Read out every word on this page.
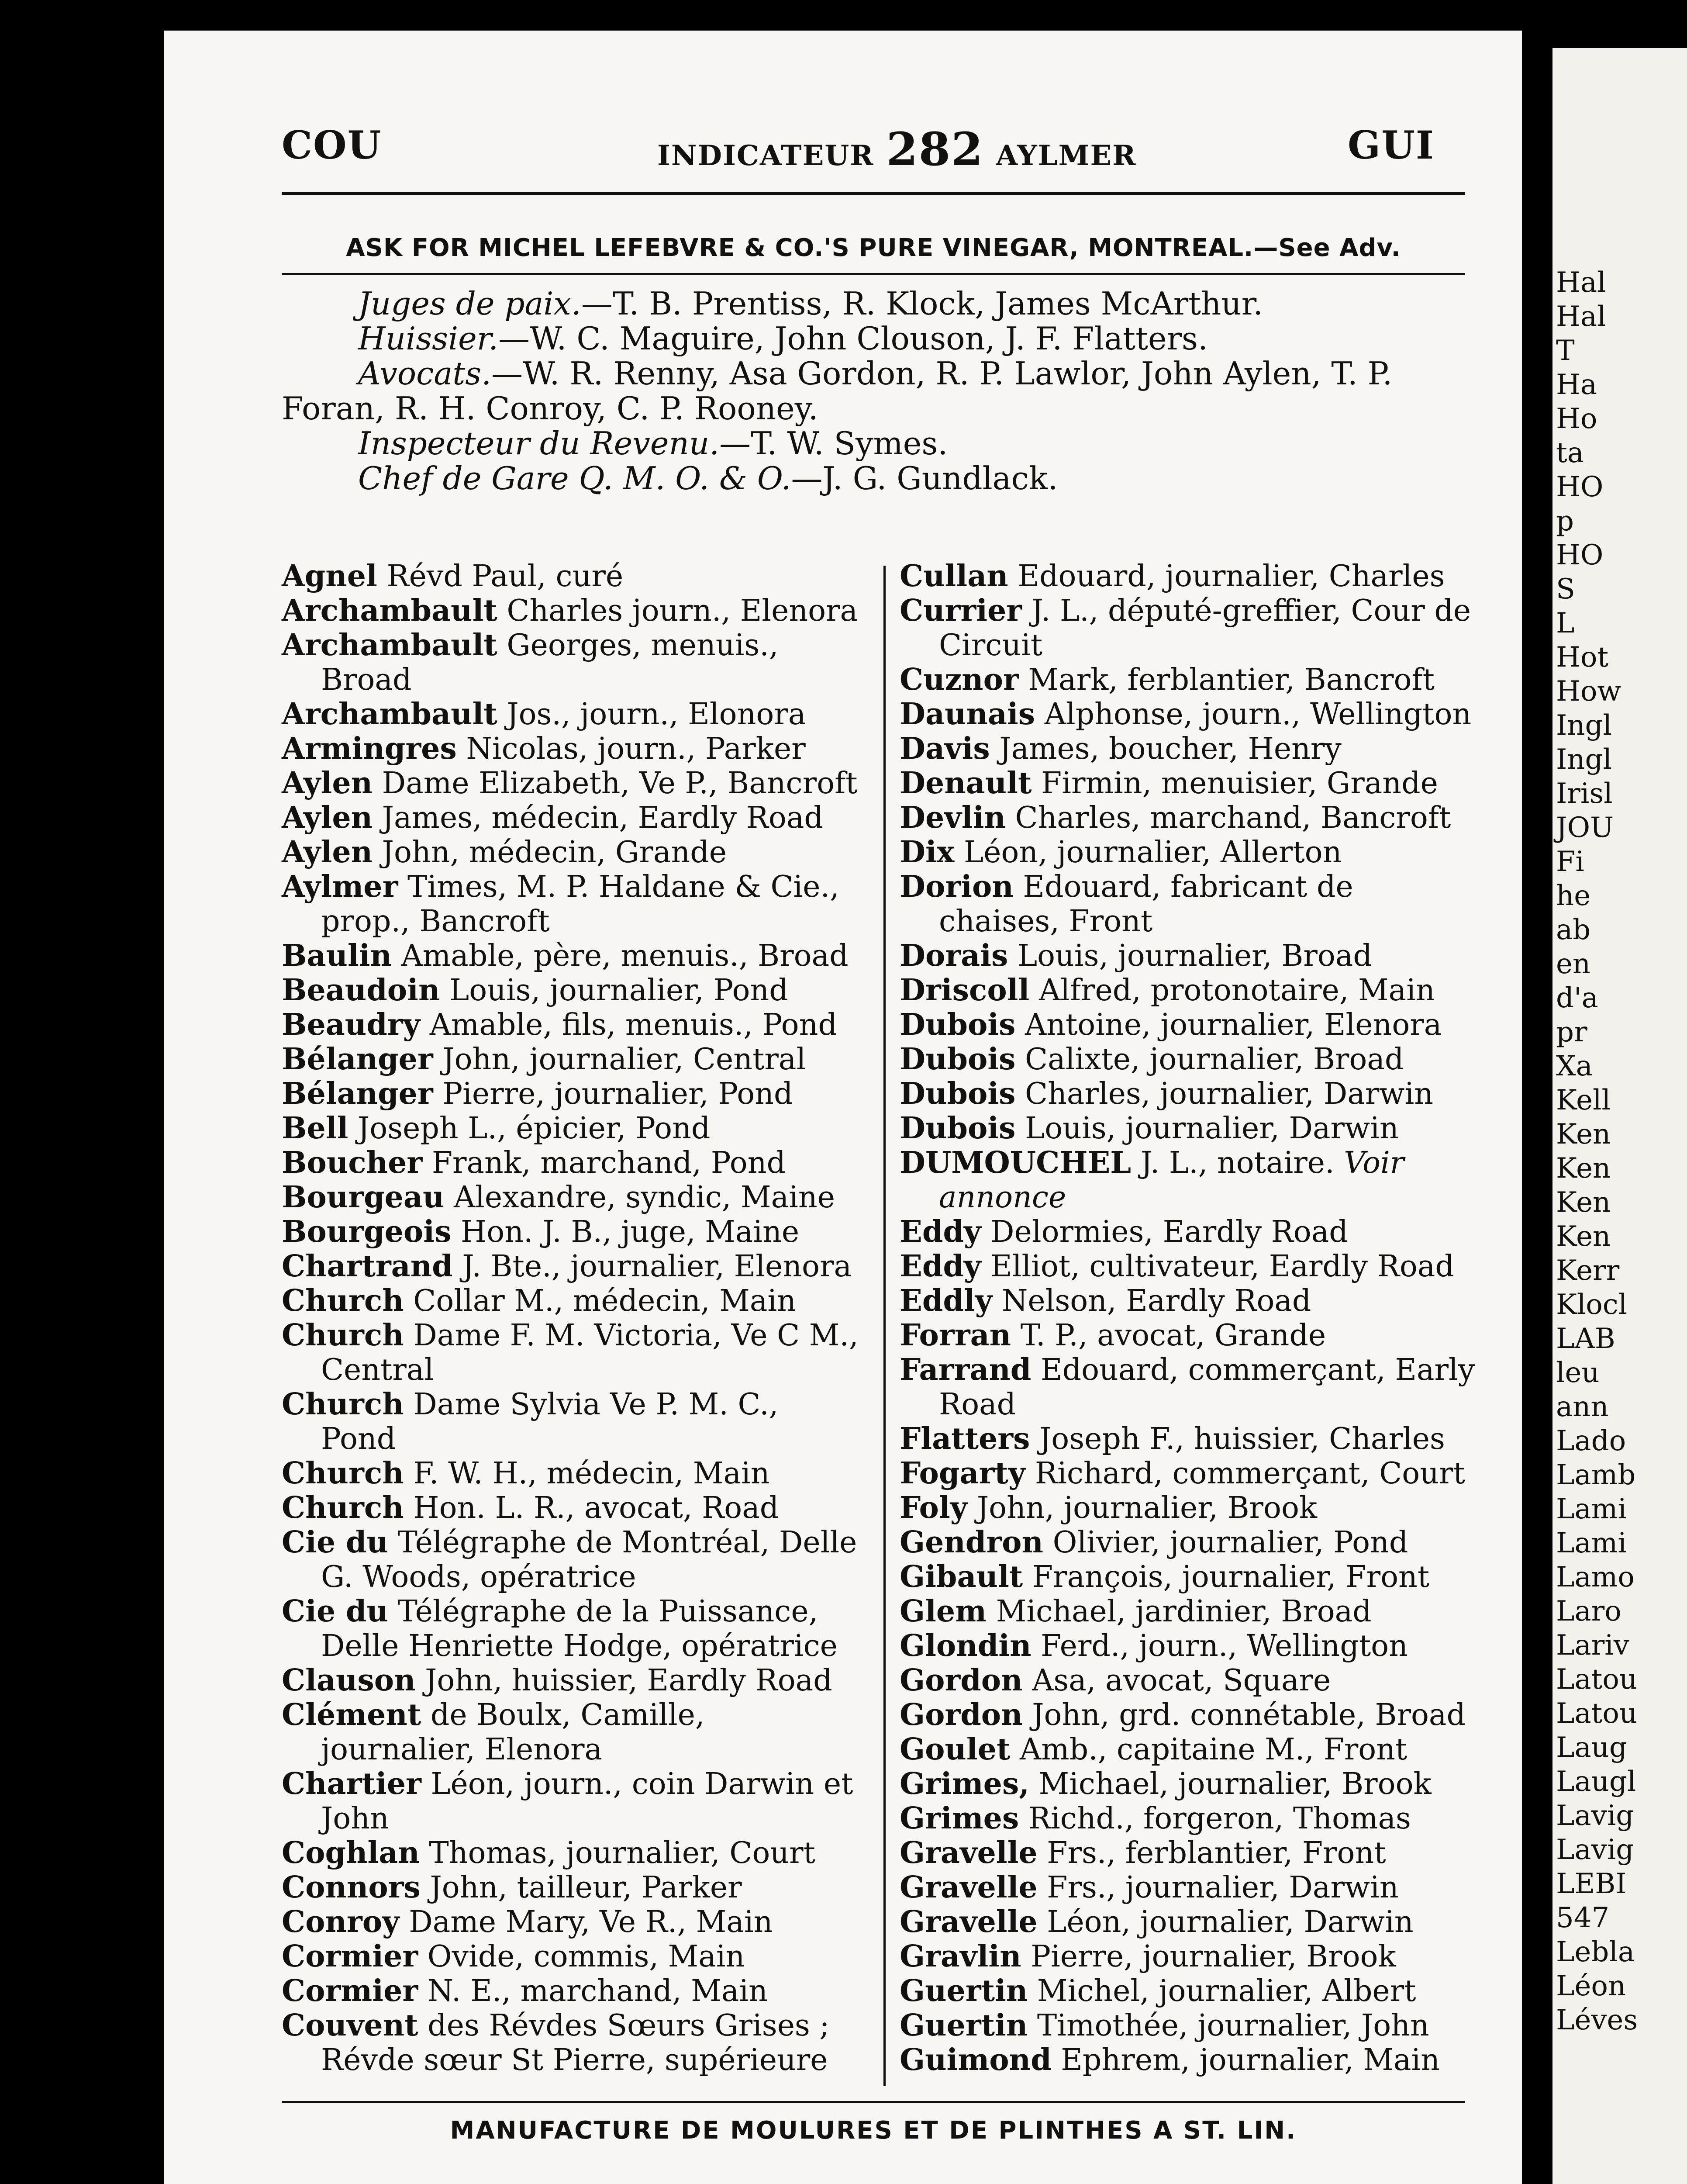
COU	INDICATEUR 282 AYLMER	GUI
ASK FOR MICHEL LEFEBVRE & CO.'S PURE VINEGAR, MONTREAL.—See Adv.
Juges de paix.—T. B. Prentiss, R. Klock, James McArthur.
Huissier.—W. C. Maguire, John Clouson, J. F. Flatters.
Avocats.—W. R. Renny, Asa Gordon, R. P. Lawlor, John Aylen, T. P. Foran, R. H. Conroy, C. P. Rooney.
Inspecteur du Revenu.—T. W. Symes.
Chef de Gare Q. M. O. & O.—J. G. Gundlack.
Agnel Révd Paul, curé
Archambault Charles journ., Elenora
Archambault Georges, menuis., Broad
Archambault Jos., journ., Elonora
Armingres Nicolas, journ., Parker
Aylen Dame Elizabeth, Ve P., Bancroft
Aylen James, médecin, Eardly Road
Aylen John, médecin, Grande
Aylmer Times, M. P. Haldane & Cie., prop., Bancroft
Baulin Amable, père, menuis., Broad
Beaudoin Louis, journalier, Pond
Beaudry Amable, fils, menuis., Pond
Bélanger John, journalier, Central
Bélanger Pierre, journalier, Pond
Bell Joseph L., épicier, Pond
Boucher Frank, marchand, Pond
Bourgeau Alexandre, syndic, Maine
Bourgeois Hon. J. B., juge, Maine
Chartrand J. Bte., journalier, Elenora
Church Collar M., médecin, Main
Church Dame F. M. Victoria, Ve C M., Central
Church Dame Sylvia Ve P. M. C., Pond
Church F. W. H., médecin, Main
Church Hon. L. R., avocat, Road
Cie du Télégraphe de Montréal, Delle G. Woods, opératrice
Cie du Télégraphe de la Puissance, Delle Henriette Hodge, opératrice
Clauson John, huissier, Eardly Road
Clément de Boulx, Camille, journalier, Elenora
Chartier Léon, journ., coin Darwin et John
Coghlan Thomas, journalier, Court
Connors John, tailleur, Parker
Conroy Dame Mary, Ve R., Main
Cormier Ovide, commis, Main
Cormier N. E., marchand, Main
Couvent des Révdes Sœurs Grises ; Révde sœur St Pierre, supérieure
Cullan Edouard, journalier, Charles
Currier J. L., député-greffier, Cour de Circuit
Cuznor Mark, ferblantier, Bancroft
Daunais Alphonse, journ., Wellington
Davis James, boucher, Henry
Denault Firmin, menuisier, Grande
Devlin Charles, marchand, Bancroft
Dix Léon, journalier, Allerton
Dorion Edouard, fabricant de chaises, Front
Dorais Louis, journalier, Broad
Driscoll Alfred, protonotaire, Main
Dubois Antoine, journalier, Elenora
Dubois Calixte, journalier, Broad
Dubois Charles, journalier, Darwin
Dubois Louis, journalier, Darwin
DUMOUCHEL J. L., notaire. Voir annonce
Eddy Delormies, Eardly Road
Eddy Elliot, cultivateur, Eardly Road
Eddly Nelson, Eardly Road
Forran T. P., avocat, Grande
Farrand Edouard, commerçant, Early Road
Flatters Joseph F., huissier, Charles
Fogarty Richard, commerçant, Court
Foly John, journalier, Brook
Gendron Olivier, journalier, Pond
Gibault François, journalier, Front
Glem Michael, jardinier, Broad
Glondin Ferd., journ., Wellington
Gordon Asa, avocat, Square
Gordon John, grd. connétable, Broad
Goulet Amb., capitaine M., Front
Grimes, Michael, journalier, Brook
Grimes Richd., forgeron, Thomas
Gravelle Frs., ferblantier, Front
Gravelle Frs., journalier, Darwin
Gravelle Léon, journalier, Darwin
Gravlin Pierre, journalier, Brook
Guertin Michel, journalier, Albert
Guertin Timothée, journalier, John
Guimond Ephrem, journalier, Main
MANUFACTURE DE MOULURES ET DE PLINTHES A ST. LIN.
Hal
Hal
T
Ha
Ho
ta
HO
p
HO
S
L
Hot
How
Ingl
Ingl
Irisl
JOU
Fi
he
ab
en
d'a
pr
Xa
Kell
Ken
Ken
Ken
Ken
Kerr
Klocl
LAB
leu
ann
Lado
Lamb
Lami
Lami
Lamo
Laro
Lariv
Latou
Latou
Laug
Laugl
Lavig
Lavig
LEBI
547
Lebla
Léon
Léves
